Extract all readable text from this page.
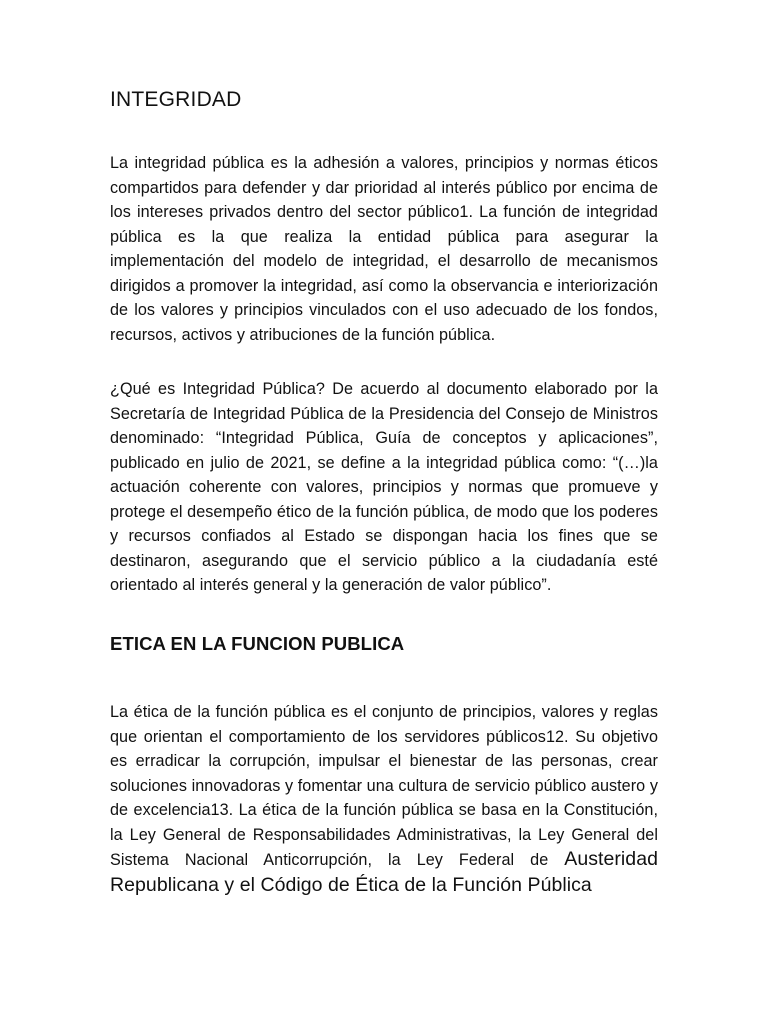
INTEGRIDAD

La integridad pública es la adhesión a valores, principios y normas éticos compartidos para defender y dar prioridad al interés público por encima de los intereses privados dentro del sector público1. La función de integridad pública es la que realiza la entidad pública para asegurar la implementación del modelo de integridad, el desarrollo de mecanismos dirigidos a promover la integridad, así como la observancia e interiorización de los valores y principios vinculados con el uso adecuado de los fondos, recursos, activos y atribuciones de la función pública.

¿Qué es Integridad Pública? De acuerdo al documento elaborado por la Secretaría de Integridad Pública de la Presidencia del Consejo de Ministros denominado: “Integridad Pública, Guía de conceptos y aplicaciones”, publicado en julio de 2021, se define a la integridad pública como: “(…)la actuación coherente con valores, principios y normas que promueve y protege el desempeño ético de la función pública, de modo que los poderes y recursos confiados al Estado se dispongan hacia los fines que se destinaron, asegurando que el servicio público a la ciudadanía esté orientado al interés general y la generación de valor público”.

ETICA EN LA FUNCION PUBLICA

La ética de la función pública es el conjunto de principios, valores y reglas que orientan el comportamiento de los servidores públicos12. Su objetivo es erradicar la corrupción, impulsar el bienestar de las personas, crear soluciones innovadoras y fomentar una cultura de servicio público austero y de excelencia13. La ética de la función pública se basa en la Constitución, la Ley General de Responsabilidades Administrativas, la Ley General del Sistema Nacional Anticorrupción, la Ley Federal de Austeridad Republicana y el Código de Ética de la Función Pública
